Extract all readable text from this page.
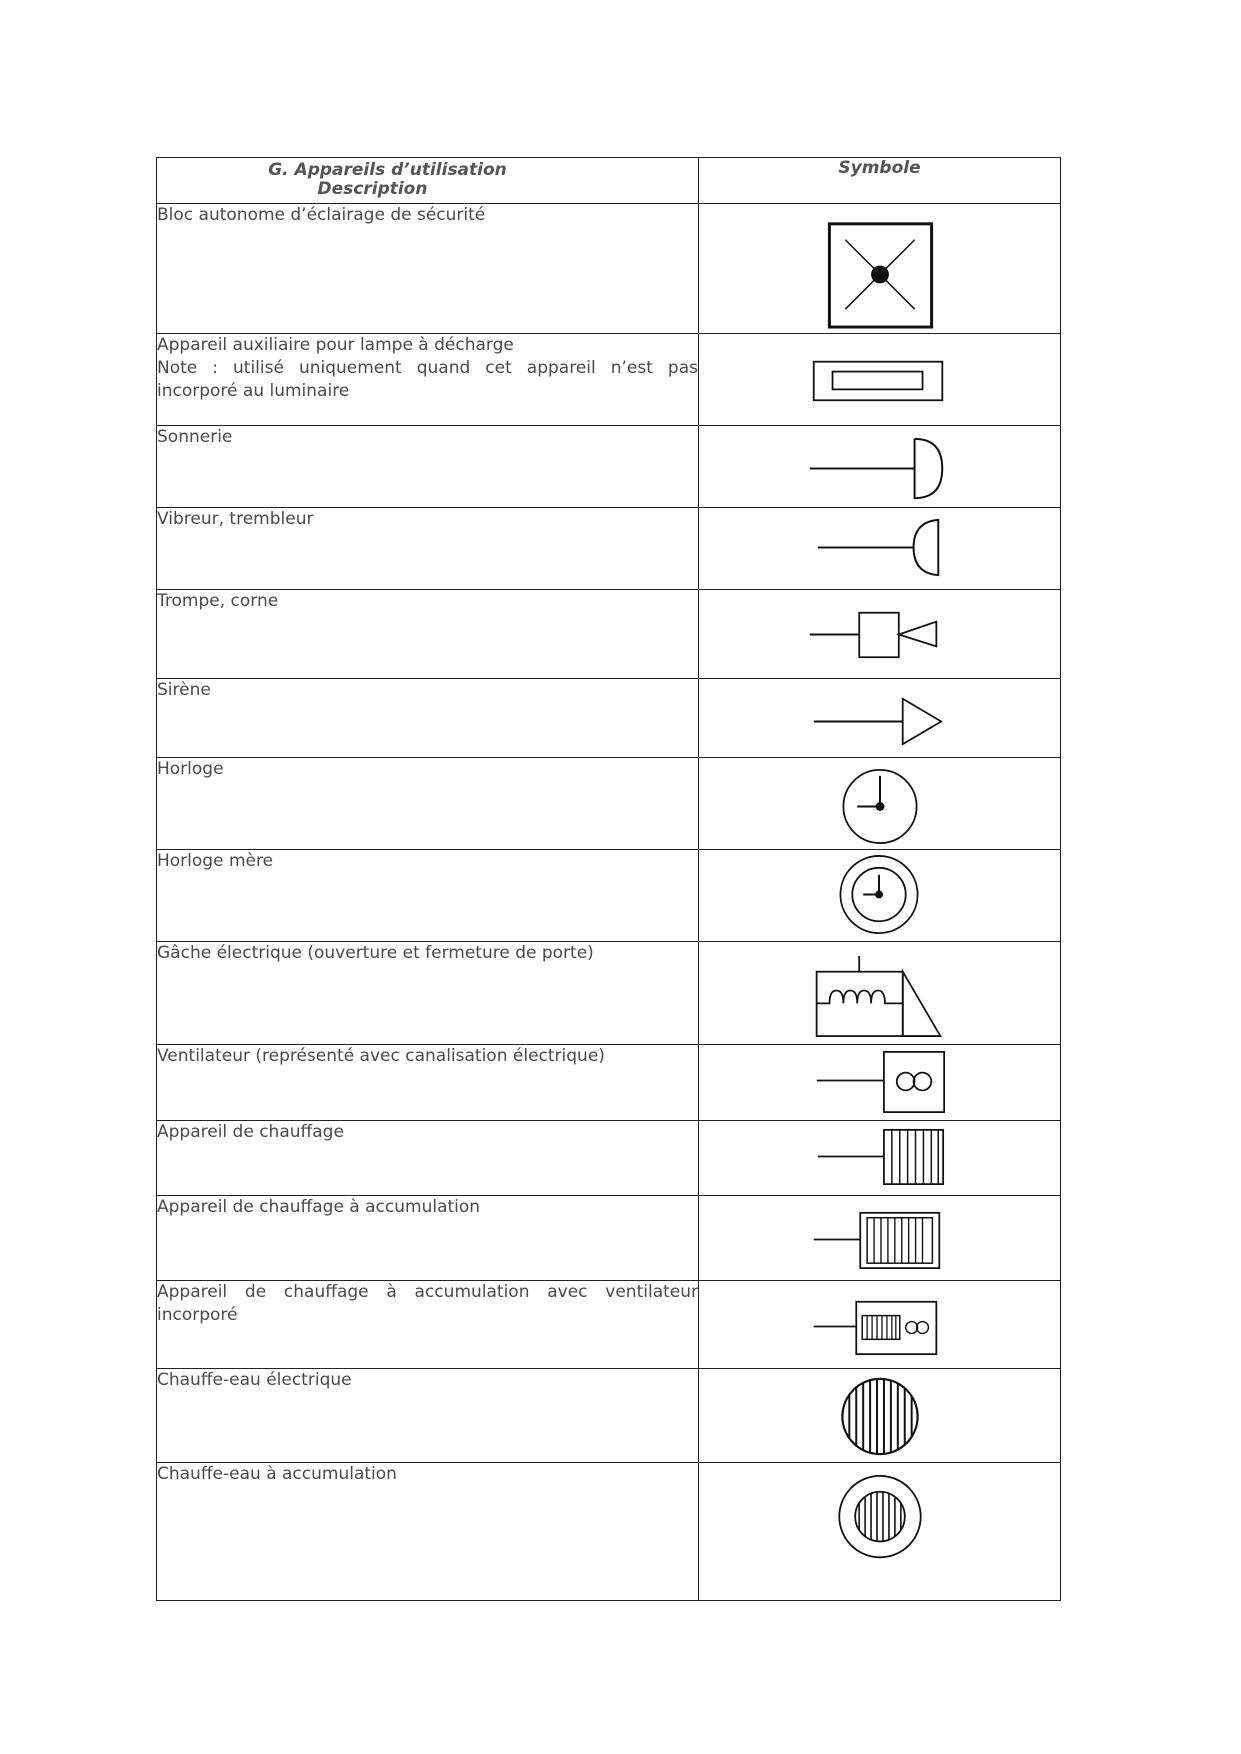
G. Appareils d’utilisation
Description	Symbole

Bloc autonome d’éclairage de sécurité

Appareil auxiliaire pour lampe à décharge
Note : utilisé uniquement quand cet appareil n’est pas incorporé au luminaire

Sonnerie

Vibreur, trembleur

Trompe, corne

Sirène

Horloge

Horloge mère

Gâche électrique (ouverture et fermeture de porte)

Ventilateur (représenté avec canalisation électrique)

Appareil de chauffage

Appareil de chauffage à accumulation

Appareil de chauffage à accumulation avec ventilateur incorporé

Chauffe-eau électrique

Chauffe-eau à accumulation
